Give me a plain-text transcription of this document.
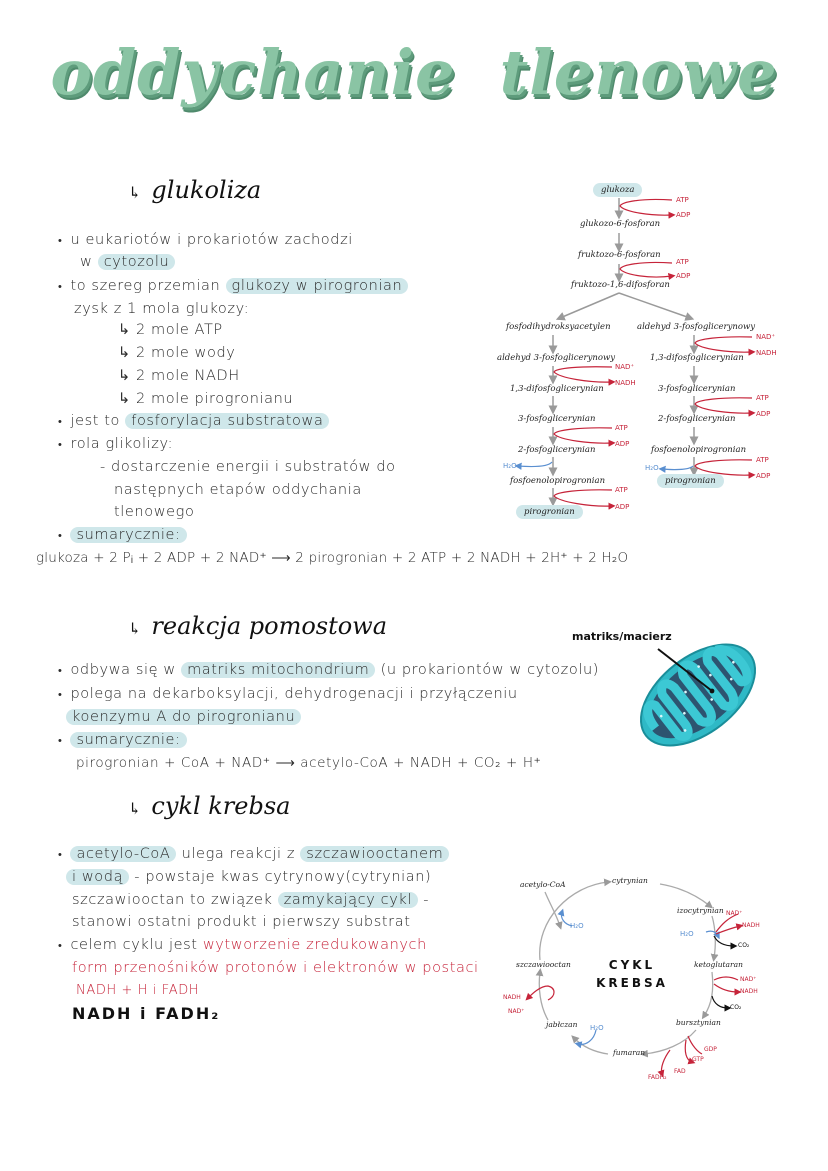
oddychanie tlenowe
↳ glukoliza
• u eukariotów i prokariotów zachodzi
w cytozolu
• to szereg przemian glukozy w pirogronian
zysk z 1 mola glukozy:
↳ 2 mole ATP
↳ 2 mole wody
↳ 2 mole NADH
↳ 2 mole pirogronianu
• jest to fosforylacja substratowa
• rola glikolizy:
- dostarczenie energii i substratów do
następnych etapów oddychania
tlenowego
• sumarycznie:
glukoza + 2 Pᵢ + 2 ADP + 2 NAD⁺ ⟶ 2 pirogronian + 2 ATP + 2 NADH + 2H⁺ + 2 H₂O
glukoza
ATP
ADP
glukozo-6-fosforan
fruktozo-6-fosforan
ATP
ADP
fruktozo-1,6-difosforan
fosfodihydroksyacetylen
aldehyd 3-fosfoglicerynowy
NAD⁺
NADH
1,3-difosfoglicerynian
3-fosfoglicerynian
ATP
ADP
2-fosfoglicerynian
H₂O
fosfoenolopirogronian
ATP
ADP
pirogronian
aldehyd 3-fosfoglicerynowy
NAD⁺
NADH
1,3-difosfoglicerynian
3-fosfoglicerynian
ATP
ADP
2-fosfoglicerynian
fosfoenolopirogronian
ATP
ADP
H₂O
pirogronian
↳ reakcja pomostowa
• odbywa się w matriks mitochondrium (u prokariontów w cytozolu)
• polega na dekarboksylacji, dehydrogenacji i przyłączeniu
koenzymu A do pirogronianu
• sumarycznie:
pirogronian + CoA + NAD⁺ ⟶ acetylo-CoA + NADH + CO₂ + H⁺
matriks/macierz
↳ cykl krebsa
• acetylo-CoA ulega reakcji z szczawiooctanem
i wodą - powstaje kwas cytrynowy(cytrynian)
szczawiooctan to związek zamykający cykl -
stanowi ostatni produkt i pierwszy substrat
• celem cyklu jest wytworzenie zredukowanych
form przenośników protonów i elektronów w postaci
NADH + H i FADH
NADH i FADH₂
acetylo-CoA	cytrynian
H₂O
izocytrynian NAD⁺
NADH
H₂O
CO₂
szczawiooctan	ketoglutaran
CYKL
KREBSA	NAD⁺
NADH
CO₂
NADH
NAD⁺
jabłczan H₂O
bursztynian
GDP
GTP
fumaran
FAD
FADH₂
